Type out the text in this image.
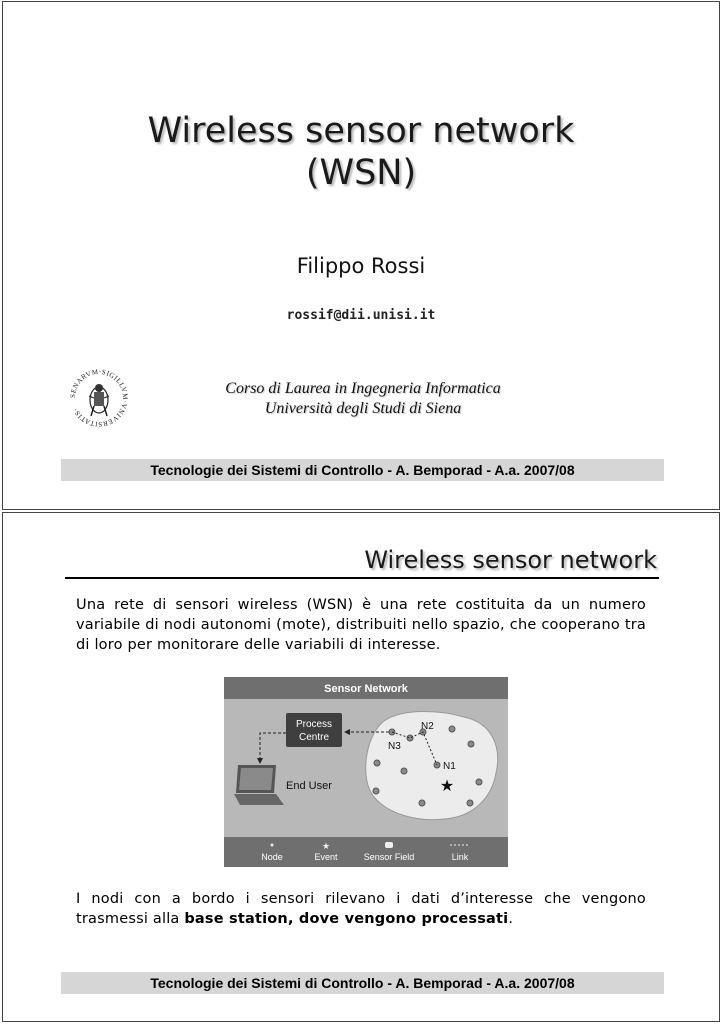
Wireless sensor network
(WSN)
Filippo Rossi
rossif@dii.unisi.it
SENARVM·SIGILLVM·VNIVERSITATIS·
Corso di Laurea in Ingegneria Informatica
Università degli Studi di Siena
Tecnologie dei Sistemi di Controllo - A. Bemporad - A.a. 2007/08
Wireless sensor network
Una rete di sensori wireless (WSN) è una rete costituita da un numero variabile di nodi autonomi (mote), distribuiti nello spazio, che cooperano tra di loro per monitorare delle variabili di interesse.
Sensor Network
Process
Centre
End User
N2
N3
N1
★
Node
★
Event	Sensor Field	Link
I nodi con a bordo i sensori rilevano i dati d’interesse che vengono trasmessi alla base station, dove vengono processati.
Tecnologie dei Sistemi di Controllo - A. Bemporad - A.a. 2007/08
